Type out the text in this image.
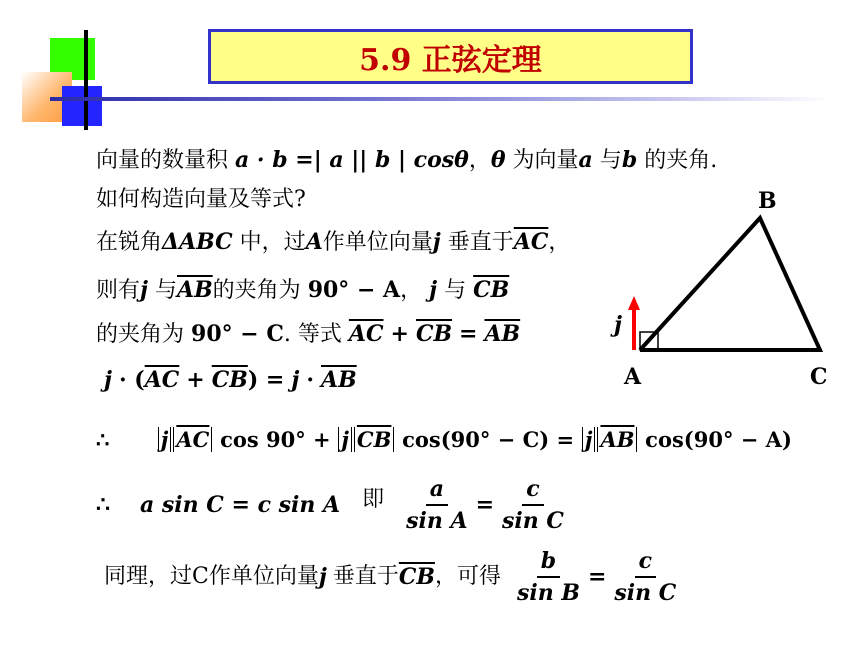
5.9 正弦定理
向量的数量积 a · b =| a || b | cosθ，θ 为向量a 与b 的夹角.
如何构造向量及等式?
在锐角ΔABC 中，过A作单位向量j 垂直于$\overline{AC}$，
则有j 与$\overline{AB}$的夹角为 90° − A， j 与 $\overline{CB}$
的夹角为 90° − C. 等式 $\overline{AC} + \overline{CB} = \overline{AB}$
$j \cdot (\overline{AC} + \overline{CB}) = j \cdot \overline{AB}$
∴ j $\overline{AC}$ cos 90° + j $\overline{CB}$ cos(90° − C) = j $\overline{AB}$ cos(90° − A)
∴ a sin C = c sin A 即 $\frac{a}{\text{sin A}} = \frac{c}{\text{sin C}}$
同理，过C作单位向量 j 垂直于 $\overline{CB}$ ，可得 $\frac{b}{\text{sin B}} = \frac{c}{\text{sin C}}$
B
A	C
j
